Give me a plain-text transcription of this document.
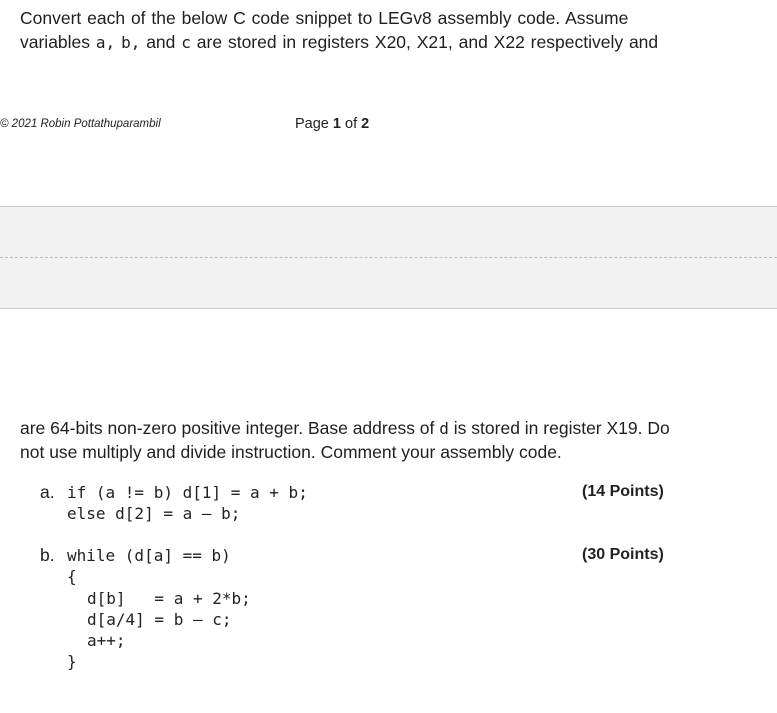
Convert each of the below C code snippet to LEGv8 assembly code. Assume
variables a, b, and c are stored in registers X20, X21, and X22 respectively and
© 2021 Robin Pottathuparambil	Page 1 of 2
are 64-bits non-zero positive integer. Base address of d is stored in register X19. Do
not use multiply and divide instruction. Comment your assembly code.
a. if (a != b) d[1] = a + b;
else d[2] = a – b;
(14 Points)
b. while (d[a] == b)
{
d[b]   = a + 2*b;
d[a/4] = b – c;
a++;
}
(30 Points)
